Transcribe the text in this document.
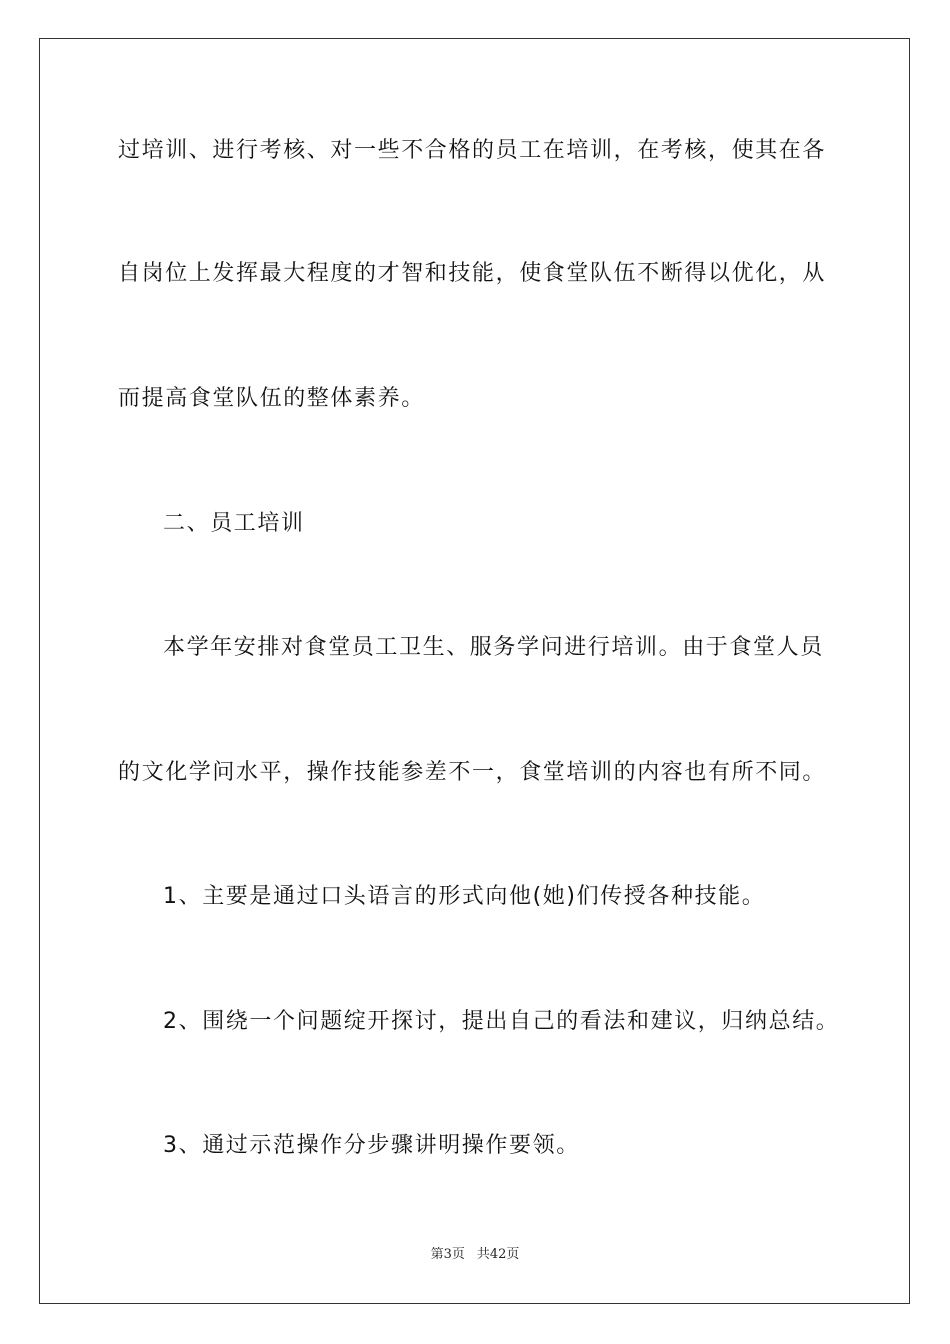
过培训、进行考核、对一些不合格的员工在培训，在考核，使其在各
自岗位上发挥最大程度的才智和技能，使食堂队伍不断得以优化，从
而提高食堂队伍的整体素养。
二、员工培训
本学年安排对食堂员工卫生、服务学问进行培训。由于食堂人员
的文化学问水平，操作技能参差不一，食堂培训的内容也有所不同。
1、主要是通过口头语言的形式向他(她)们传授各种技能。
2、围绕一个问题绽开探讨，提出自己的看法和建议，归纳总结。
3、通过示范操作分步骤讲明操作要领。
第3页 共42页
